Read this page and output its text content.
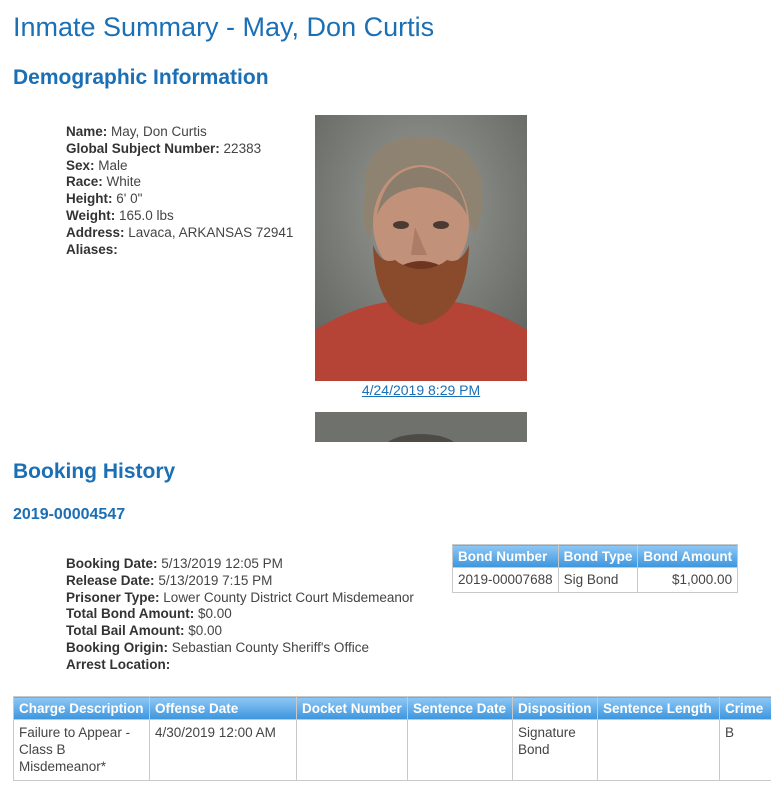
Inmate Summary - May, Don Curtis
Demographic Information
Name: May, Don Curtis
Global Subject Number: 22383
Sex: Male
Race: White
Height: 6' 0"
Weight: 165.0 lbs
Address: Lavaca, ARKANSAS 72941
Aliases:
4/24/2019 8:29 PM
Booking History
2019-00004547
Booking Date: 5/13/2019 12:05 PM
Release Date: 5/13/2019 7:15 PM
Prisoner Type: Lower County District Court Misdemeanor
Total Bond Amount: $0.00
Total Bail Amount: $0.00
Booking Origin: Sebastian County Sheriff's Office
Arrest Location:
Bond Number	Bond Type	Bond Amount
2019-00007688	Sig Bond	$1,000.00
Charge Description	Offense Date	Docket Number	Sentence Date	Disposition	Sentence Length	Crime
Failure to Appear - Class B Misdemeanor*	4/30/2019 12:00 AM			Signature Bond		B
